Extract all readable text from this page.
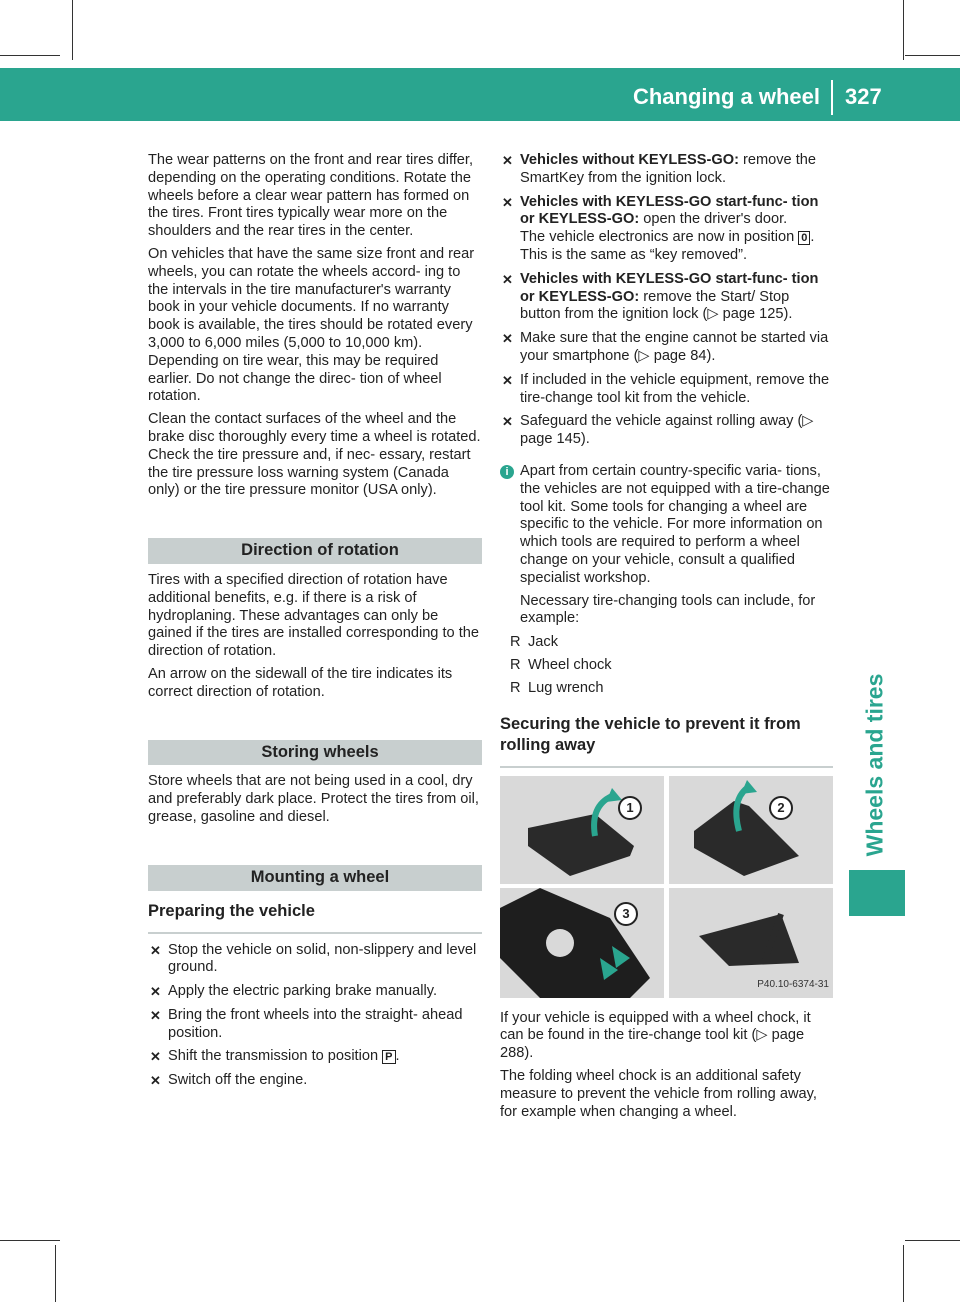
Changing a wheel 327
Wheels and tires

The wear patterns on the front and rear tires differ, depending on the operating conditions. Rotate the wheels before a clear wear pattern has formed on the tires. Front tires typically wear more on the shoulders and the rear tires in the center.

On vehicles that have the same size front and rear wheels, you can rotate the wheels accord- ing to the intervals in the tire manufacturer's warranty book in your vehicle documents. If no warranty book is available, the tires should be rotated every 3,000 to 6,000 miles (5,000 to 10,000 km). Depending on tire wear, this may be required earlier. Do not change the direc- tion of wheel rotation.

Clean the contact surfaces of the wheel and the brake disc thoroughly every time a wheel is rotated. Check the tire pressure and, if nec- essary, restart the tire pressure loss warning system (Canada only) or the tire pressure monitor (USA only).

Direction of rotation

Tires with a specified direction of rotation have additional benefits, e.g. if there is a risk of hydroplaning. These advantages can only be gained if the tires are installed corresponding to the direction of rotation.

An arrow on the sidewall of the tire indicates its correct direction of rotation.

Storing wheels

Store wheels that are not being used in a cool, dry and preferably dark place. Protect the tires from oil, grease, gasoline and diesel.

Mounting a wheel
Preparing the vehicle
✕ Stop the vehicle on solid, non-slippery and level ground.
✕ Apply the electric parking brake manually.
✕ Bring the front wheels into the straight- ahead position.
✕ Shift the transmission to position P .
✕ Switch off the engine.
✕ Vehicles without KEYLESS-GO: remove the SmartKey from the ignition lock.
✕ Vehicles with KEYLESS-GO start-func- tion or KEYLESS-GO: open the driver's door.
The vehicle electronics are now in position 0 . This is the same as “key removed”.
✕ Vehicles with KEYLESS-GO start-func- tion or KEYLESS-GO: remove the Start/ Stop button from the ignition lock (▷ page 125).
✕ Make sure that the engine cannot be started via your smartphone (▷ page 84).
✕ If included in the vehicle equipment, remove the tire-change tool kit from the vehicle.
✕ Safeguard the vehicle against rolling away (▷ page 145).
i Apart from certain country-specific varia- tions, the vehicles are not equipped with a tire-change tool kit. Some tools for changing a wheel are specific to the vehicle. For more information on which tools are required to perform a wheel change on your vehicle, consult a qualified specialist workshop.

Necessary tire-changing tools can include, for example:

R Jack
R Wheel chock
R Lug wrench
Securing the vehicle to prevent it from rolling away
1	2
3
P40.10-6374-31

If your vehicle is equipped with a wheel chock, it can be found in the tire-change tool kit (▷ page 288).

The folding wheel chock is an additional safety measure to prevent the vehicle from rolling away, for example when changing a wheel.
